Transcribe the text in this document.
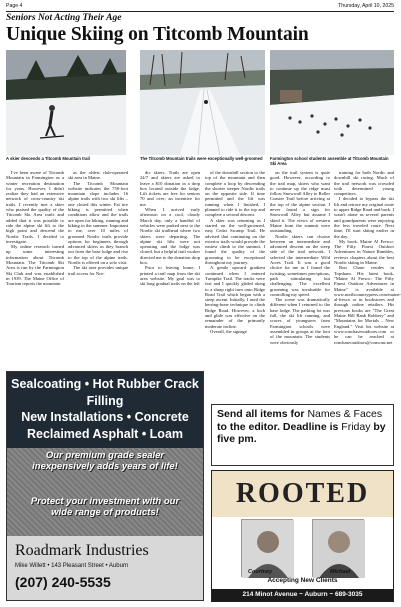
Page 4	Thursday, April 10, 2025
Seniors Not Acting Their Age
Unique Skiing on Titcomb Mountain
A skier descends a Titcomb Mountain trail	The Titcomb Mountain trails were exceptionally well-groomed	Farmington school students assemble at Titcomb Mountain Ski Area

I've been aware of Titcomb Mountain in Farmington as a winter recreation destination for years. However, I didn't realize they had an extensive network of cross-country ski trails. I recently met a skier who praised the quality of the Titcomb Ski Area trails and added that it was possible to ride the alpine ski lift to the high point and descend the Nordic Trails. I decided to investigate.

My online research turned up some interesting information about Titcomb Mountain. The Titcomb Ski Area is run by the Farmington Ski Club and was established in 1939. The Maine Office of Tourism reports the mountain

as the oldest club-operated ski area in Maine.

The Titcomb Mountain website indicates the 750-foot mountain slope includes 16 alpine trails with two ski lifts – one closed this winter. Fat tire biking is permitted when conditions allow and the trails are open for hiking, running and biking in the summer. Important to me, over 10 miles of groomed Nordic trails provide options for beginners through advanced skiers as they branch out from the base lodge and rise to the top of the alpine trails. Nordic is offered on a solo visit.

The ski area provides unique trail access for Nor-

dic skiers. Trails are open 24/7 and skiers are asked to leave a $10 donation in a drop box located outside the lodge. Lift tickets are free for seniors 70 and over; an incentive for me.

When I arrived early afternoon on a cool, cloudy March day, only a handful of vehicles were parked next to the Nordic ski trailhead where two skiers were departing. The alpine ski lifts were not operating and the lodge was closed, but a helpful trail worker directed me to the donation drop box.

Prior to leaving home, I printed a trail map from the ski area website. My goal was to ski long gradual trails on the left

of the downhill section to the top of the mountain and then complete a loop by descending the shorter steeper Nordic trails on the opposite side. If time permitted and the lift was running when I finished, I planned to ride it to the top and complete a second descent.

A skier was returning as I started on the well-groomed, easy Cedar Swamp Trail. He advised that continuing on the exterior trails would provide the easiest climb to the summit. I found the quality of the grooming to be exceptional throughout my journey.

A gentle upward gradient continued when I entered Turnpike Trail. The tracks were fast and I quickly glided along to a sharp right turn onto Ridge Road Trail which began with a steep ascent. Initially, I used the herring-bone technique to climb Ridge Road. However, a kick and glide was effective on the remainder of the primarily moderate incline.

Overall, the signage

on the trail system is quite good. However, according to the trail map, skiers who want to continue up the ridge must follow Snowwall Alley to Roller Coaster Trail before arriving at the top of the alpine section. I never found a sign for Snowwall Alley but assume I skied it. The views of western Maine from the summit were outstanding.

Nordic skiers can choose between an intermediate and advanced descent on the steep side of the trail network. I selected the intermediate Wild Acres Trail. It was a good choice for me as I found the twisting, sometimes precipitous, path stimulating but challenging. The excellent grooming was invaluable for controlling my speed.

The scene was dramatically different when I returned to the base lodge. The parking lot was full, the ski lift running, and scores of youngsters from Farmington schools were assembled in groups at the foot of the mountain. The students were obviously

training for both Nordic and downhill ski racing. Much of the trail network was crowded with determined young competitors.

I decided to bypass the ski lift and retrace my original route to upper Ridge Road and back. I wasn't alone as several parents and grandparents were enjoying the less traveled route. Next time, I'll start skiing earlier in the day.

My book, Maine Al Fresco: The Fifty Finest Outdoor Adventures in Nature Rambles, reviews chapters about the best Nordic skiing in Maine.

Ron Chase resides in Topsham. His latest book, "Maine Al Fresco: The Fifty Finest Outdoor Adventures in Maine" is available at www.northcountrypress.com/maine-al-fresco or in bookstores and through online retailers. His previous books are "The Great Maine Hill Bank Robbery" and "Mountains for Mortals – New England." Visit his website at www.ronchaseoutdoors.com or he can be reached at ronchaseoutdoors@comcast.net

Sealcoating • Hot Rubber Crack Filling
New Installations • Concrete
Reclaimed Asphalt • Loam
Our premium grade sealer inexpensively adds years of life!
Protect your investment with our wide range of products!
Roadmark Industries
Mike Willett • 143 Pleasant Street • Auburn
(207) 240-5535
Send all items for Names & Faces to the editor. Deadline is Friday by five pm.
ROOTED
Courtney	Michael
Accepting New Clients
214 Minot Avenue ~ Auburn ~ 689-3035
